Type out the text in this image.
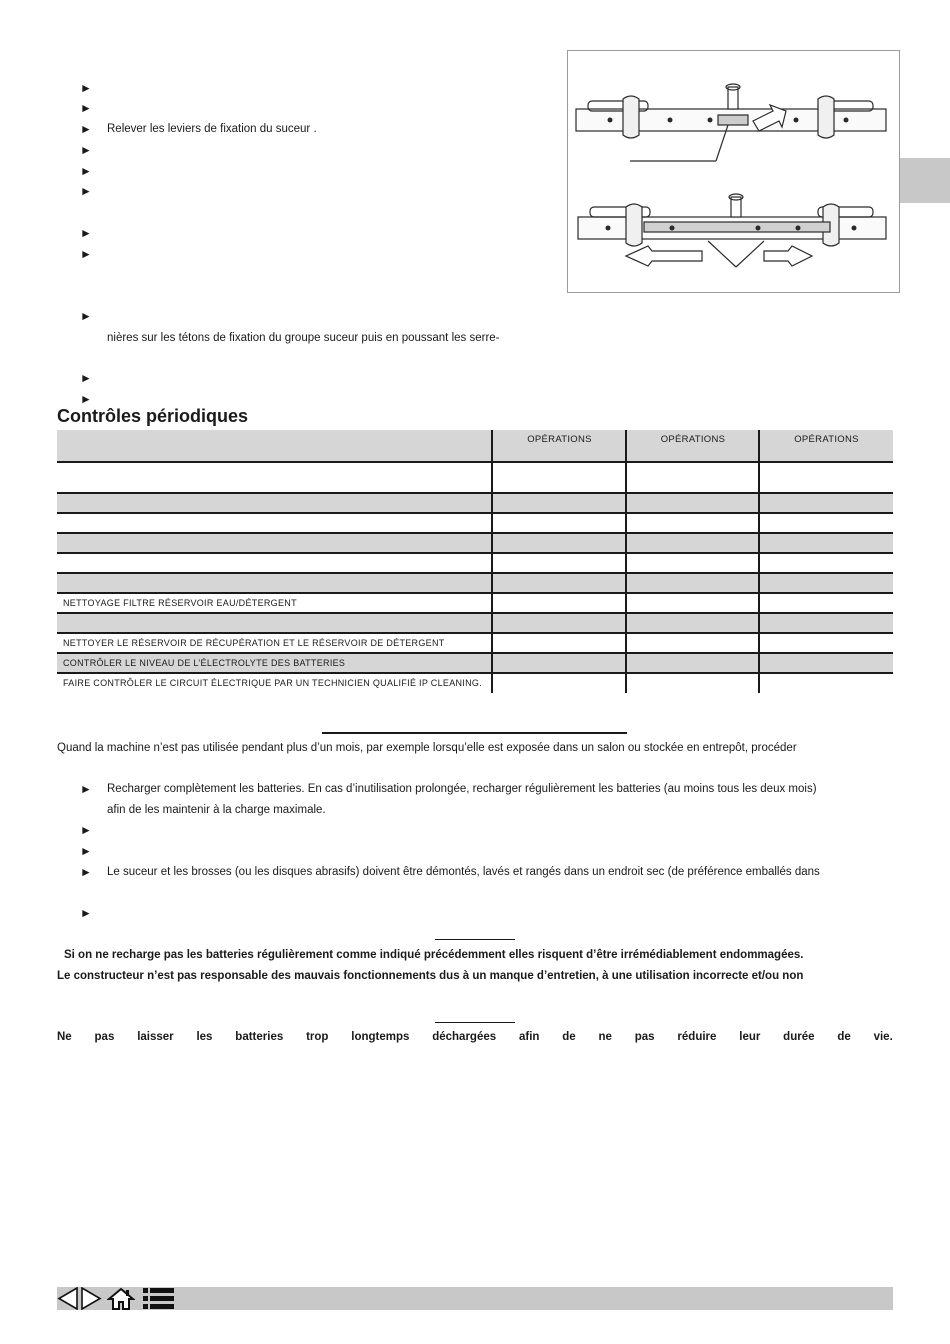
►
►
► Relever les leviers de fixation du suceur .
►
►
►
►
►
►
nières sur les tétons de fixation du groupe suceur puis en poussant les serre-
►
►
Contrôles périodiques
OPÉRATIONS	OPÉRATIONS	OPÉRATIONS
NETTOYAGE FILTRE RÉSERVOIR EAU/DÉTERGENT
NETTOYER LE RÉSERVOIR DE RÉCUPÉRATION ET LE RÉSERVOIR DE DÉTERGENT
CONTRÔLER LE NIVEAU DE L’ÉLECTROLYTE DES BATTERIES
FAIRE CONTRÔLER LE CIRCUIT ÉLECTRIQUE PAR UN TECHNICIEN QUALIFIÉ IP CLEANING.
Quand la machine n’est pas utilisée pendant plus d’un mois, par exemple lorsqu’elle est exposée dans un salon ou stockée en entrepôt, procéder
► Recharger complètement les batteries. En cas d’inutilisation prolongée, recharger régulièrement les batteries (au moins tous les deux mois)
afin de les maintenir à la charge maximale.
►
►
► Le suceur et les brosses (ou les disques abrasifs) doivent être démontés, lavés et rangés dans un endroit sec (de préférence emballés dans
►
Si on ne recharge pas les batteries régulièrement comme indiqué précédemment elles risquent d’être irrémédiablement endommagées.
Le constructeur n’est pas responsable des mauvais fonctionnements dus à un manque d’entretien, à une utilisation incorrecte et/ou non
Ne pas laisser les batteries trop longtemps déchargées afin de ne pas réduire leur durée de vie.
